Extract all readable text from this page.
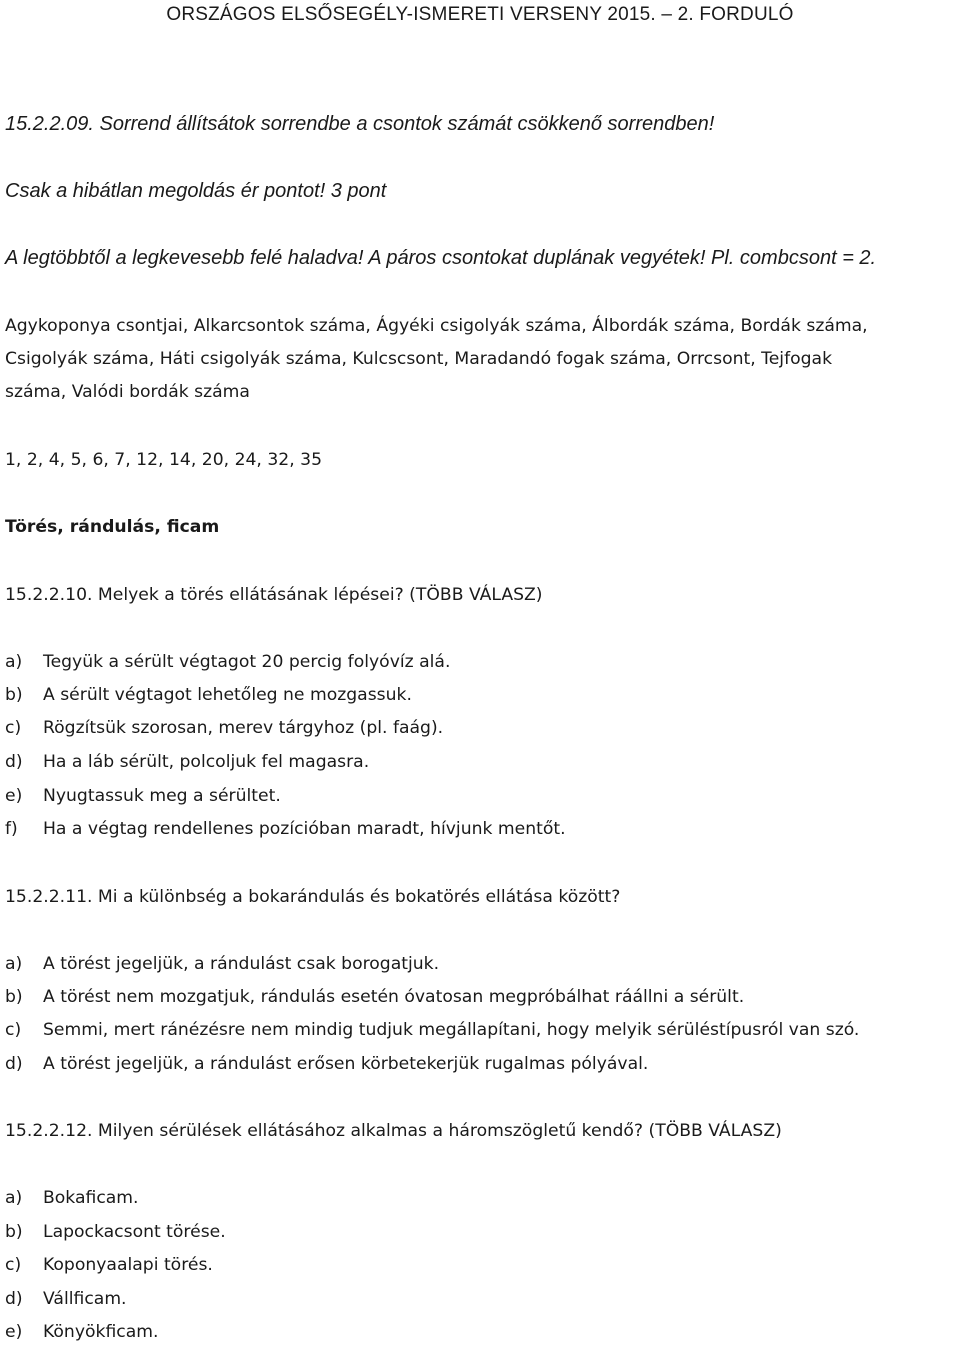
ORSZÁGOS ELSŐSEGÉLY-ISMERETI VERSENY 2015. – 2. FORDULÓ
15.2.2.09. Sorrend állítsátok sorrendbe a csontok számát csökkenő sorrendben!
Csak a hibátlan megoldás ér pontot! 3 pont
A legtöbbtől a legkevesebb felé haladva! A páros csontokat duplának vegyétek! Pl. combcsont = 2.
Agykoponya csontjai, Alkarcsontok száma, Ágyéki csigolyák száma, Álbordák száma, Bordák száma,
Csigolyák száma, Háti csigolyák száma, Kulcscsont, Maradandó fogak száma, Orrcsont, Tejfogak
száma, Valódi bordák száma
1, 2, 4, 5, 6, 7, 12, 14, 20, 24, 32, 35
Törés, rándulás, ficam
15.2.2.10. Melyek a törés ellátásának lépései? (TÖBB VÁLASZ)
a) Tegyük a sérült végtagot 20 percig folyóvíz alá.
b) A sérült végtagot lehetőleg ne mozgassuk.
c) Rögzítsük szorosan, merev tárgyhoz (pl. faág).
d) Ha a láb sérült, polcoljuk fel magasra.
e) Nyugtassuk meg a sérültet.
f) Ha a végtag rendellenes pozícióban maradt, hívjunk mentőt.
15.2.2.11. Mi a különbség a bokarándulás és bokatörés ellátása között?
a) A törést jegeljük, a rándulást csak borogatjuk.
b) A törést nem mozgatjuk, rándulás esetén óvatosan megpróbálhat ráállni a sérült.
c) Semmi, mert ránézésre nem mindig tudjuk megállapítani, hogy melyik sérüléstípusról van szó.
d) A törést jegeljük, a rándulást erősen körbetekerjük rugalmas pólyával.
15.2.2.12. Milyen sérülések ellátásához alkalmas a háromszögletű kendő? (TÖBB VÁLASZ)
a) Bokaficam.
b) Lapockacsont törése.
c) Koponyaalapi törés.
d) Vállficam.
e) Könyökficam.
